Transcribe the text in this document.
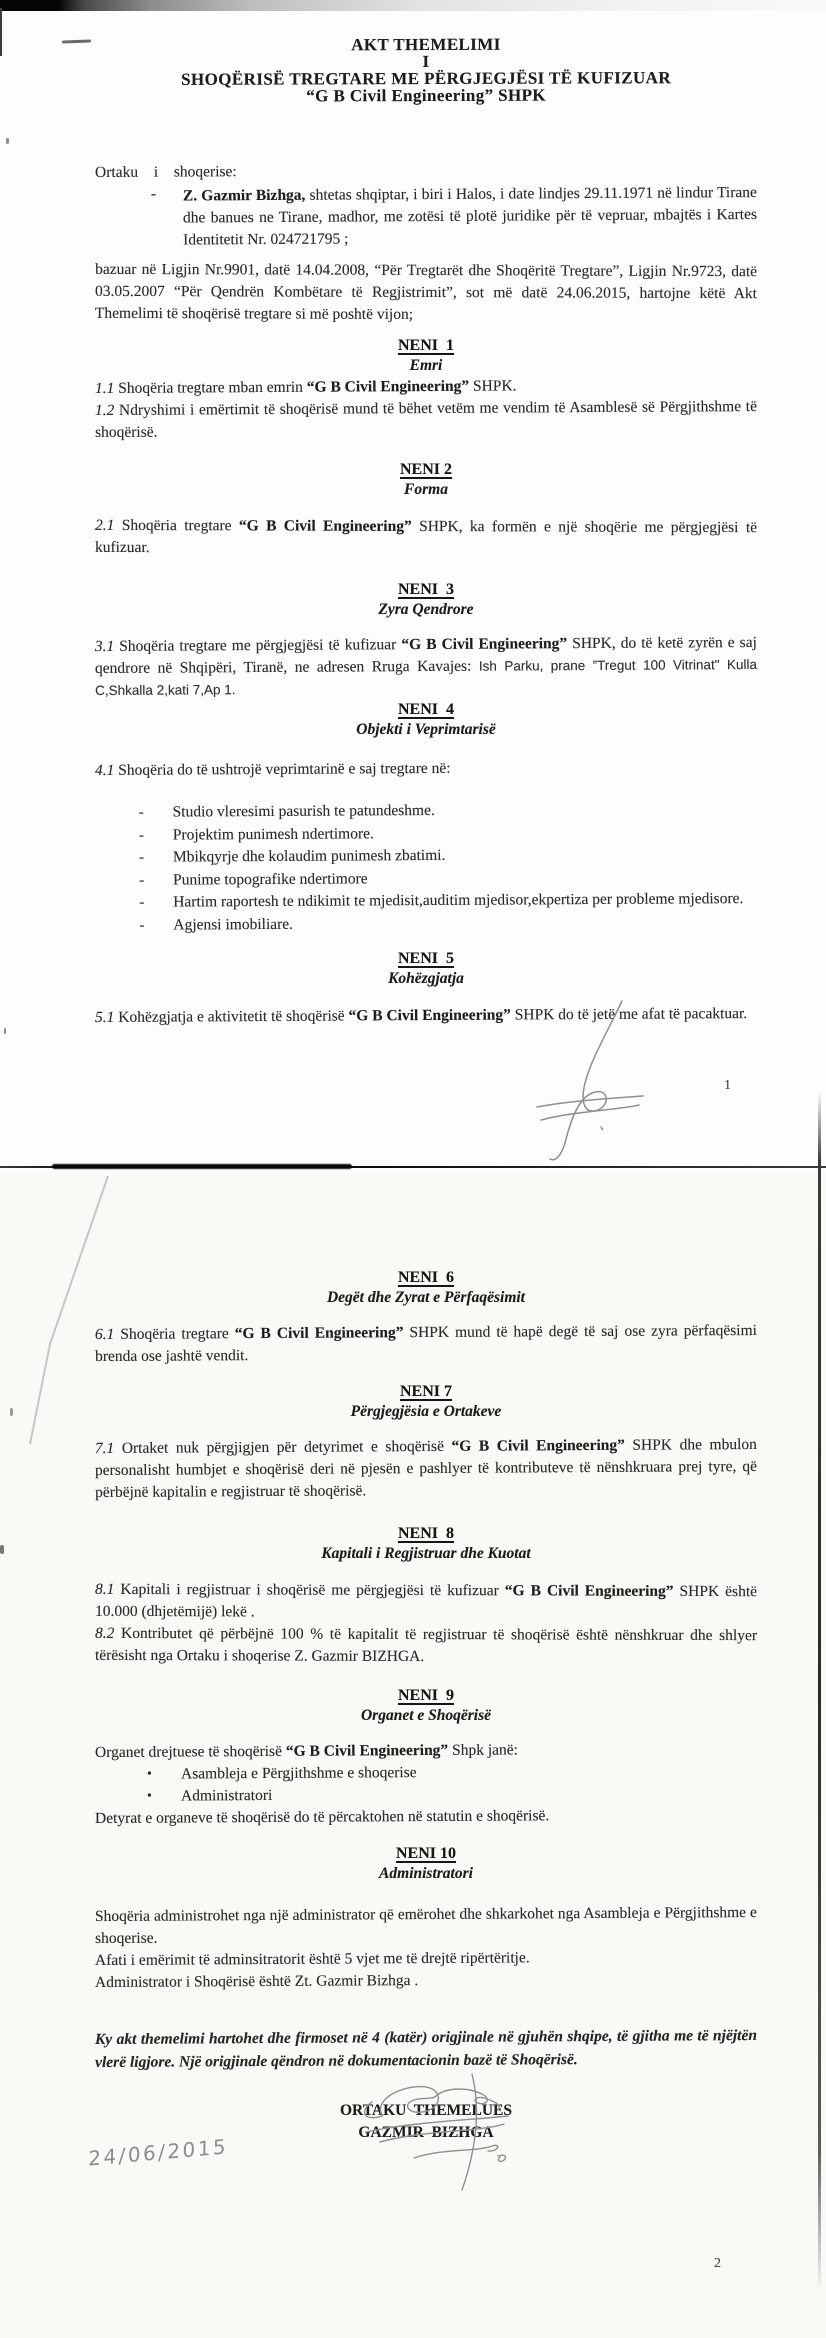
AKT THEMELIMI
I
SHOQËRISË TREGTARE ME PËRGJEGJËSI TË KUFIZUAR
“G B Civil Engineering” SHPK

Ortaku  i  shoqerise:

- Z. Gazmir Bizhga, shtetas shqiptar, i biri i Halos, i date lindjes 29.11.1971 në lindur Tirane dhe banues ne Tirane, madhor, me zotësi të plotë juridike për të vepruar, mbajtës i Kartes Identitetit Nr. 024721795 ;

bazuar në Ligjin Nr.9901, datë 14.04.2008, “Për Tregtarët dhe Shoqëritë Tregtare”, Ligjin Nr.9723, datë 03.05.2007 “Për Qendrën Kombëtare të Regjistrimit”, sot më datë 24.06.2015, hartojne këtë Akt Themelimi të shoqërisë tregtare si më poshtë vijon;

NENI  1
Emri

1.1 Shoqëria tregtare mban emrin “G B Civil Engineering” SHPK.

1.2 Ndryshimi i emërtimit të shoqërisë mund të bëhet vetëm me vendim të Asamblesë së Përgjithshme të shoqërisë.

NENI 2
Forma

2.1 Shoqëria tregtare “G B Civil Engineering” SHPK, ka formën e një shoqërie me përgjegjësi të kufizuar.

NENI  3
Zyra Qendrore

3.1 Shoqëria tregtare me përgjegjësi të kufizuar “G B Civil Engineering” SHPK, do të ketë zyrën e saj qendrore në Shqipëri, Tiranë, ne adresen Rruga Kavajes: Ish Parku, prane ”Tregut 100 Vitrinat" Kulla C,Shkalla 2,kati 7,Ap 1.

NENI  4
Objekti i Veprimtarisë

4.1 Shoqëria do të ushtrojë veprimtarinë e saj tregtare në:

- Studio vleresimi pasurish te patundeshme.
- Projektim punimesh ndertimore.
- Mbikqyrje dhe kolaudim punimesh zbatimi.
- Punime topografike ndertimore
- Hartim raportesh te ndikimit te mjedisit,auditim mjedisor,ekpertiza per probleme mjedisore.
- Agjensi imobiliare.
NENI  5
Kohëzgjatja

5.1 Kohëzgjatja e aktivitetit të shoqërisë “G B Civil Engineering” SHPK do të jetë me afat të pacaktuar.

NENI  6
Degët dhe Zyrat e Përfaqësimit

6.1 Shoqëria tregtare “G B Civil Engineering” SHPK mund të hapë degë të saj ose zyra përfaqësimi brenda ose jashtë vendit.

NENI 7
Përgjegjësia e Ortakeve

7.1 Ortaket nuk përgjigjen për detyrimet e shoqërisë “G B Civil Engineering” SHPK dhe mbulon personalisht humbjet e shoqërisë deri në pjesën e pashlyer të kontributeve të nënshkruara prej tyre, që përbëjnë kapitalin e regjistruar të shoqërisë.

NENI  8
Kapitali i Regjistruar dhe Kuotat

8.1 Kapitali i regjistruar i shoqërisë me përgjegjësi të kufizuar “G B Civil Engineering” SHPK është 10.000 (dhjetëmijë) lekë .

8.2 Kontributet që përbëjnë 100 % të kapitalit të regjistruar të shoqërisë është nënshkruar dhe shlyer tërësisht nga Ortaku i shoqerise Z. Gazmir BIZHGA.

NENI  9
Organet e Shoqërisë

Organet drejtuese të shoqërisë “G B Civil Engineering” Shpk janë:

• Asambleja e Përgjithshme e shoqerise
• Administratori

Detyrat e organeve të shoqërisë do të përcaktohen në statutin e shoqërisë.

NENI 10
Administratori

Shoqëria administrohet nga një administrator që emërohet dhe shkarkohet nga Asambleja e Përgjithshme e shoqerise.

Afati i emërimit të adminsitratorit është 5 vjet me të drejtë ripërtëritje.

Administrator i Shoqërisë është Zt. Gazmir Bizhga .

Ky akt themelimi hartohet dhe firmoset në 4 (katër) origjinale në gjuhën shqipe, të gjitha me të njëjtën vlerë ligjore. Një origjinale qëndron në dokumentacionin bazë të Shoqërisë.

ORTAKU  THEMELUES
GAZMIR  BIZHGA
24/06/2015
1
2
